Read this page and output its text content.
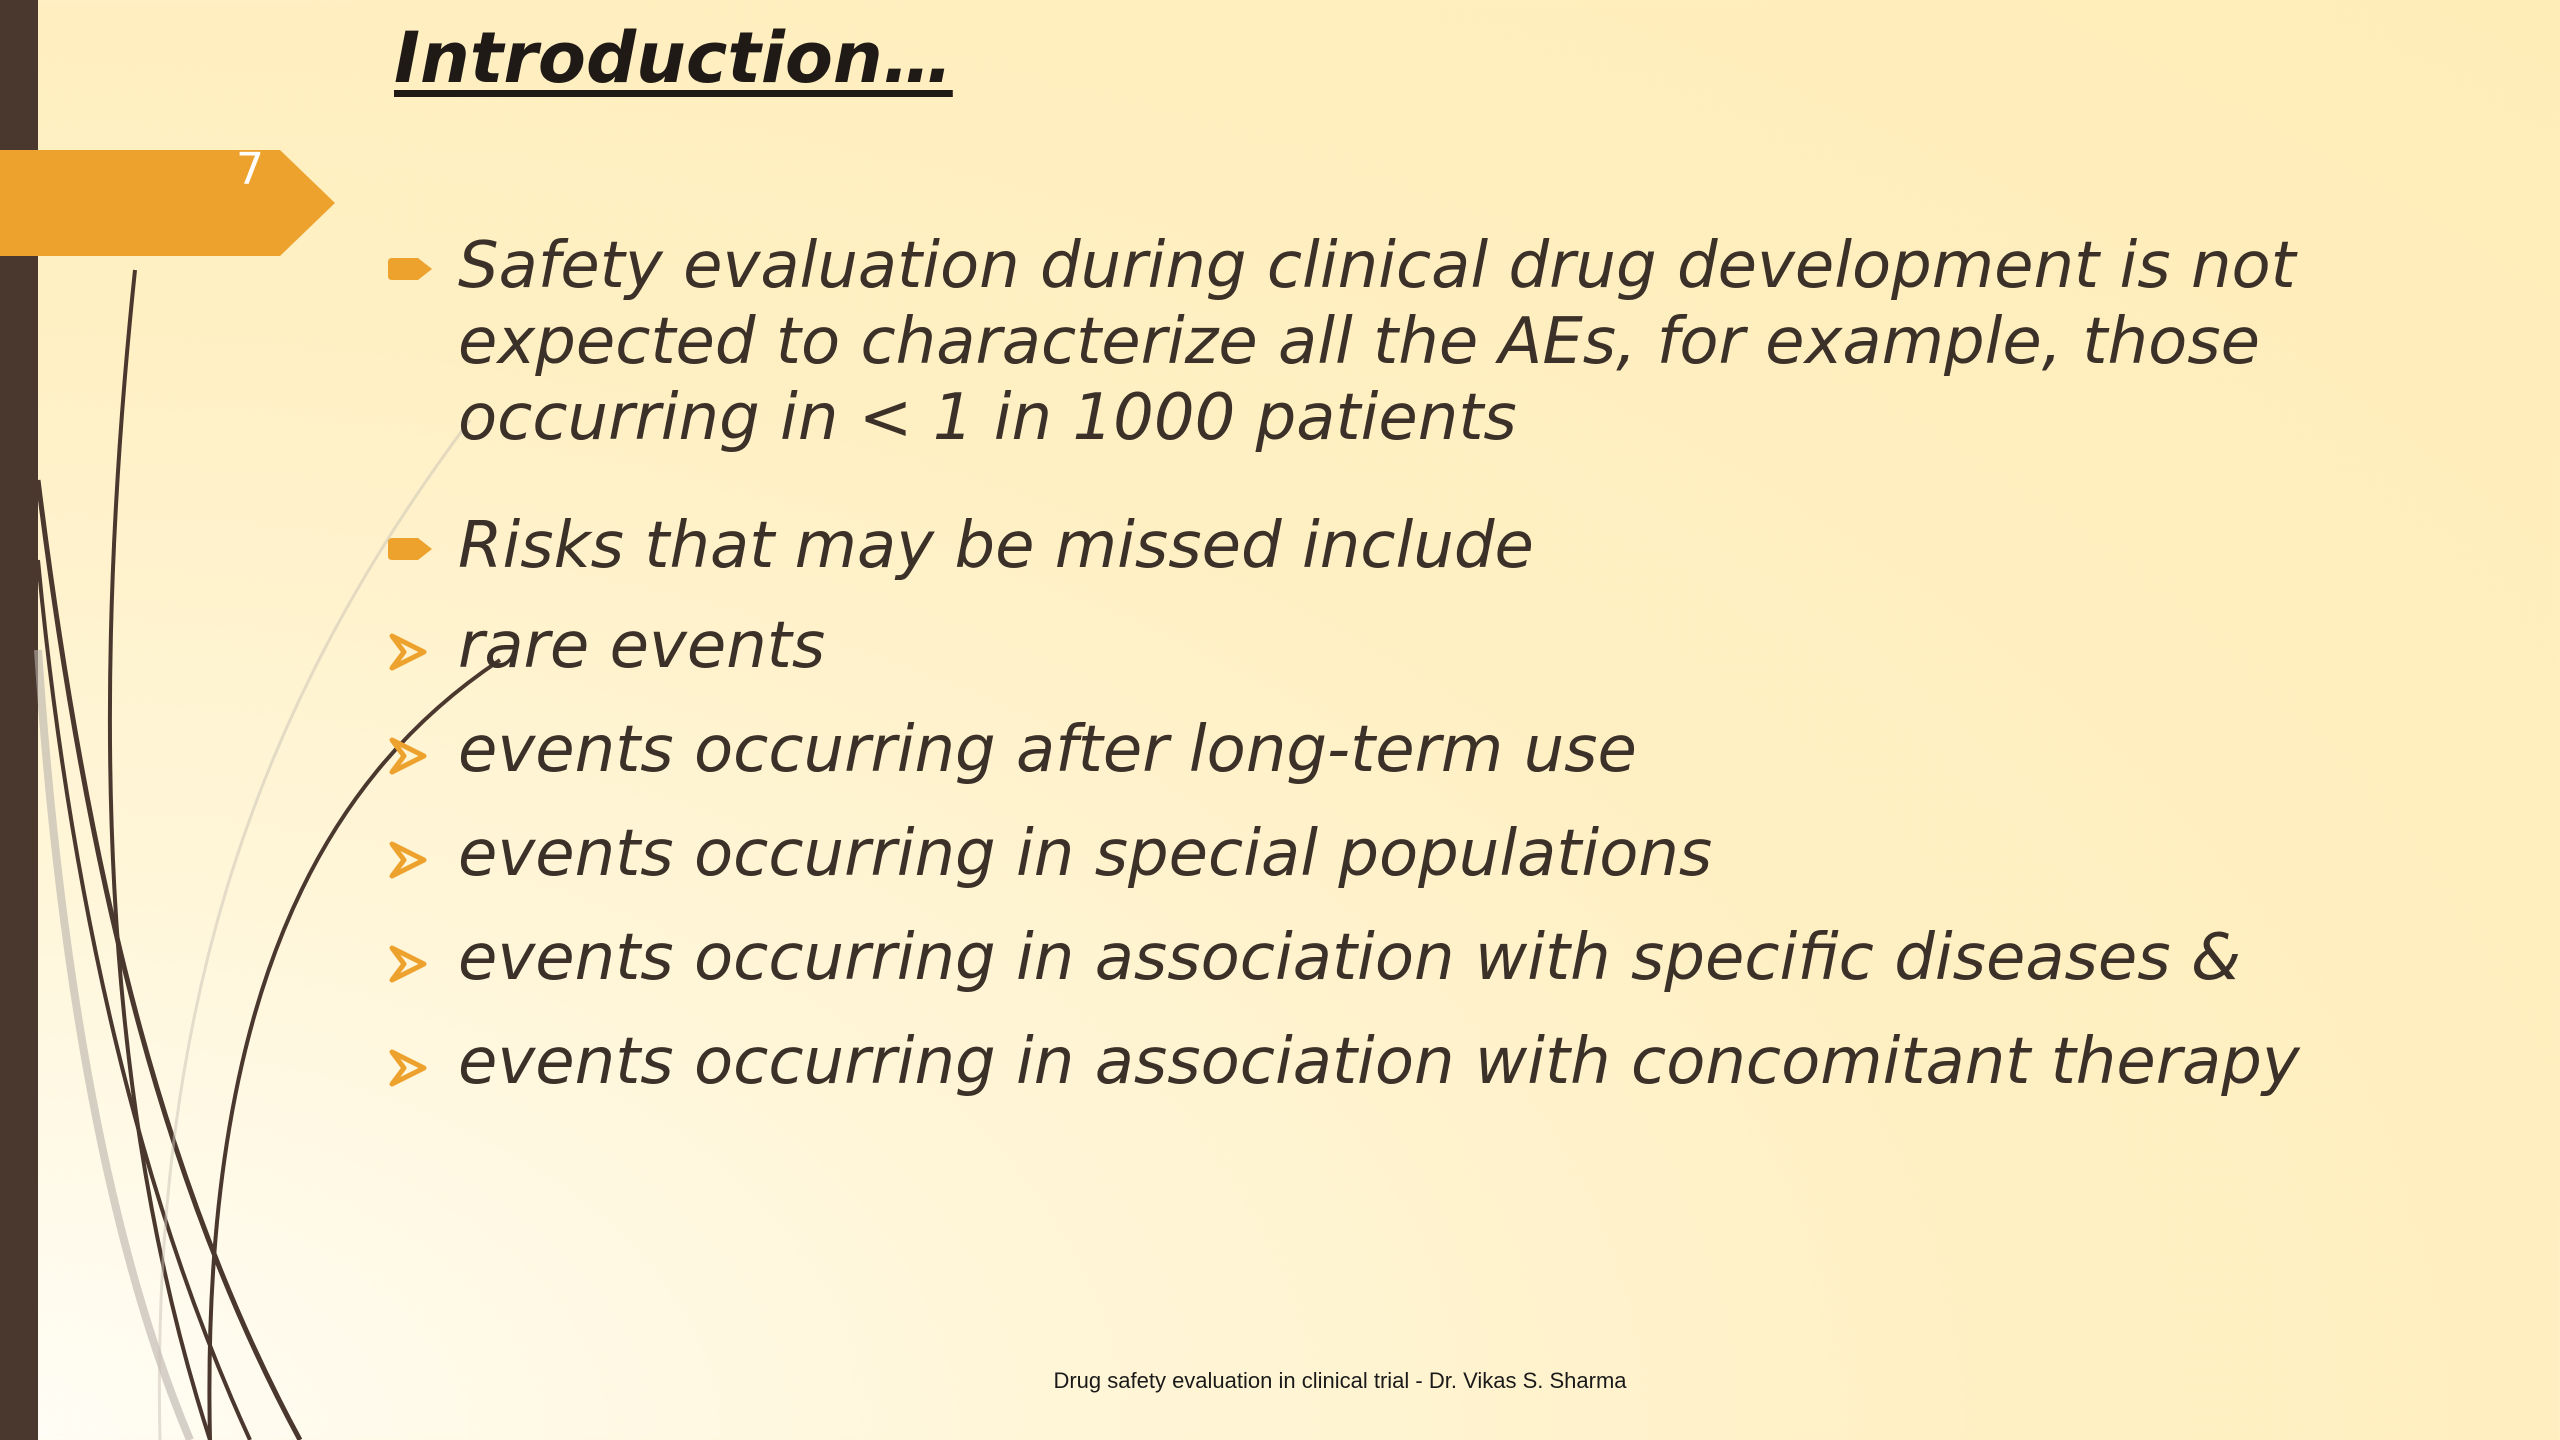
7
Introduction…
Safety evaluation during clinical drug development is not expected to characterize all the AEs, for example, those occurring in < 1 in 1000 patients
Risks that may be missed include
rare events
events occurring after long-term use
events occurring in special populations
events occurring in association with specific diseases &
events occurring in association with concomitant therapy
Drug safety evaluation in clinical trial - Dr. Vikas S. Sharma
